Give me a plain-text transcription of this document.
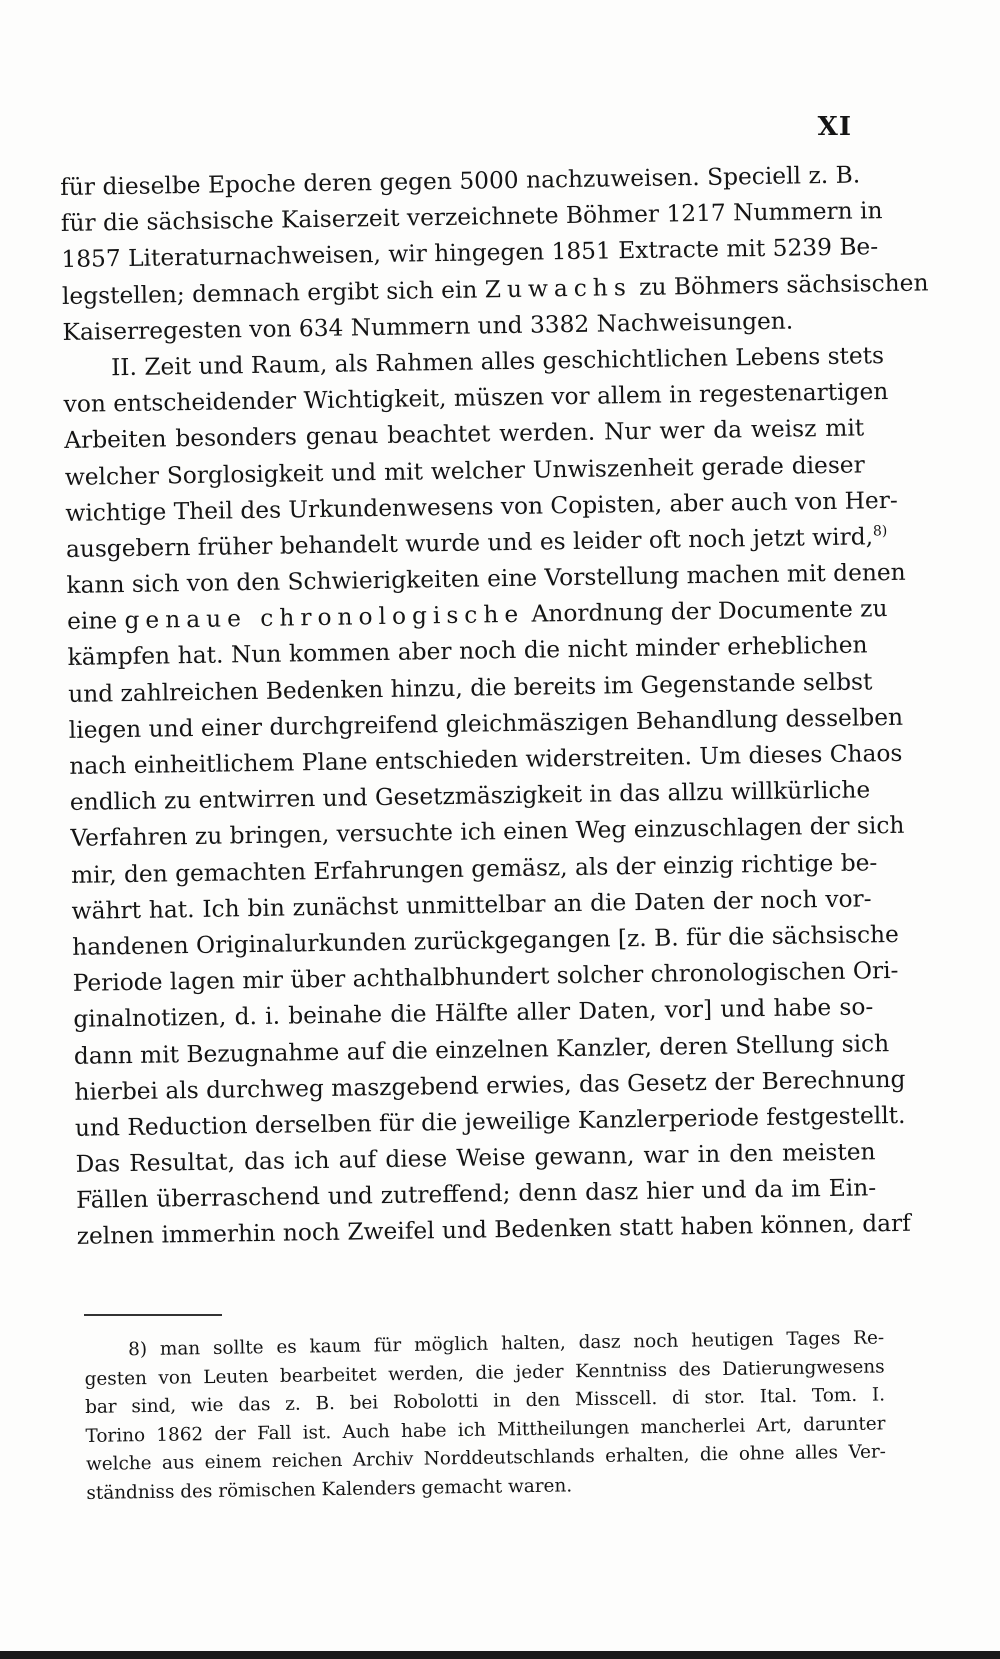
XI
für dieselbe Epoche deren gegen 5000 nachzuweisen. Speciell z. B.
für die sächsische Kaiserzeit verzeichnete Böhmer 1217 Nummern in
1857 Literaturnachweisen, wir hingegen 1851 Extracte mit 5239 Be-
legstellen; demnach ergibt sich ein Zuwachs zu Böhmers sächsischen
Kaiserregesten von 634 Nummern und 3382 Nachweisungen.
II. Zeit und Raum, als Rahmen alles geschichtlichen Lebens stets
von entscheidender Wichtigkeit, müszen vor allem in regestenartigen
Arbeiten besonders genau beachtet werden. Nur wer da weisz mit
welcher Sorglosigkeit und mit welcher Unwiszenheit gerade dieser
wichtige Theil des Urkundenwesens von Copisten, aber auch von Her-
ausgebern früher behandelt wurde und es leider oft noch jetzt wird,$^{8)}$
kann sich von den Schwierigkeiten eine Vorstellung machen mit denen
eine genaue chronologische Anordnung der Documente zu
kämpfen hat. Nun kommen aber noch die nicht minder erheblichen
und zahlreichen Bedenken hinzu, die bereits im Gegenstande selbst
liegen und einer durchgreifend gleichmäszigen Behandlung desselben
nach einheitlichem Plane entschieden widerstreiten. Um dieses Chaos
endlich zu entwirren und Gesetzmäszigkeit in das allzu willkürliche
Verfahren zu bringen, versuchte ich einen Weg einzuschlagen der sich
mir, den gemachten Erfahrungen gemäsz, als der einzig richtige be-
währt hat. Ich bin zunächst unmittelbar an die Daten der noch vor-
handenen Originalurkunden zurückgegangen [z. B. für die sächsische
Periode lagen mir über achthalbhundert solcher chronologischen Ori-
ginalnotizen, d. i. beinahe die Hälfte aller Daten, vor] und habe so-
dann mit Bezugnahme auf die einzelnen Kanzler, deren Stellung sich
hierbei als durchweg maszgebend erwies, das Gesetz der Berechnung
und Reduction derselben für die jeweilige Kanzlerperiode festgestellt.
Das Resultat, das ich auf diese Weise gewann, war in den meisten
Fällen überraschend und zutreffend; denn dasz hier und da im Ein-
zelnen immerhin noch Zweifel und Bedenken statt haben können, darf
8) man sollte es kaum für möglich halten, dasz noch heutigen Tages Re-
gesten von Leuten bearbeitet werden, die jeder Kenntniss des Datierungwesens
bar sind, wie das z. B. bei Robolotti in den Misscell. di stor. Ital. Tom. I.
Torino 1862 der Fall ist. Auch habe ich Mittheilungen mancherlei Art, darunter
welche aus einem reichen Archiv Norddeutschlands erhalten, die ohne alles Ver-
ständniss des römischen Kalenders gemacht waren.
